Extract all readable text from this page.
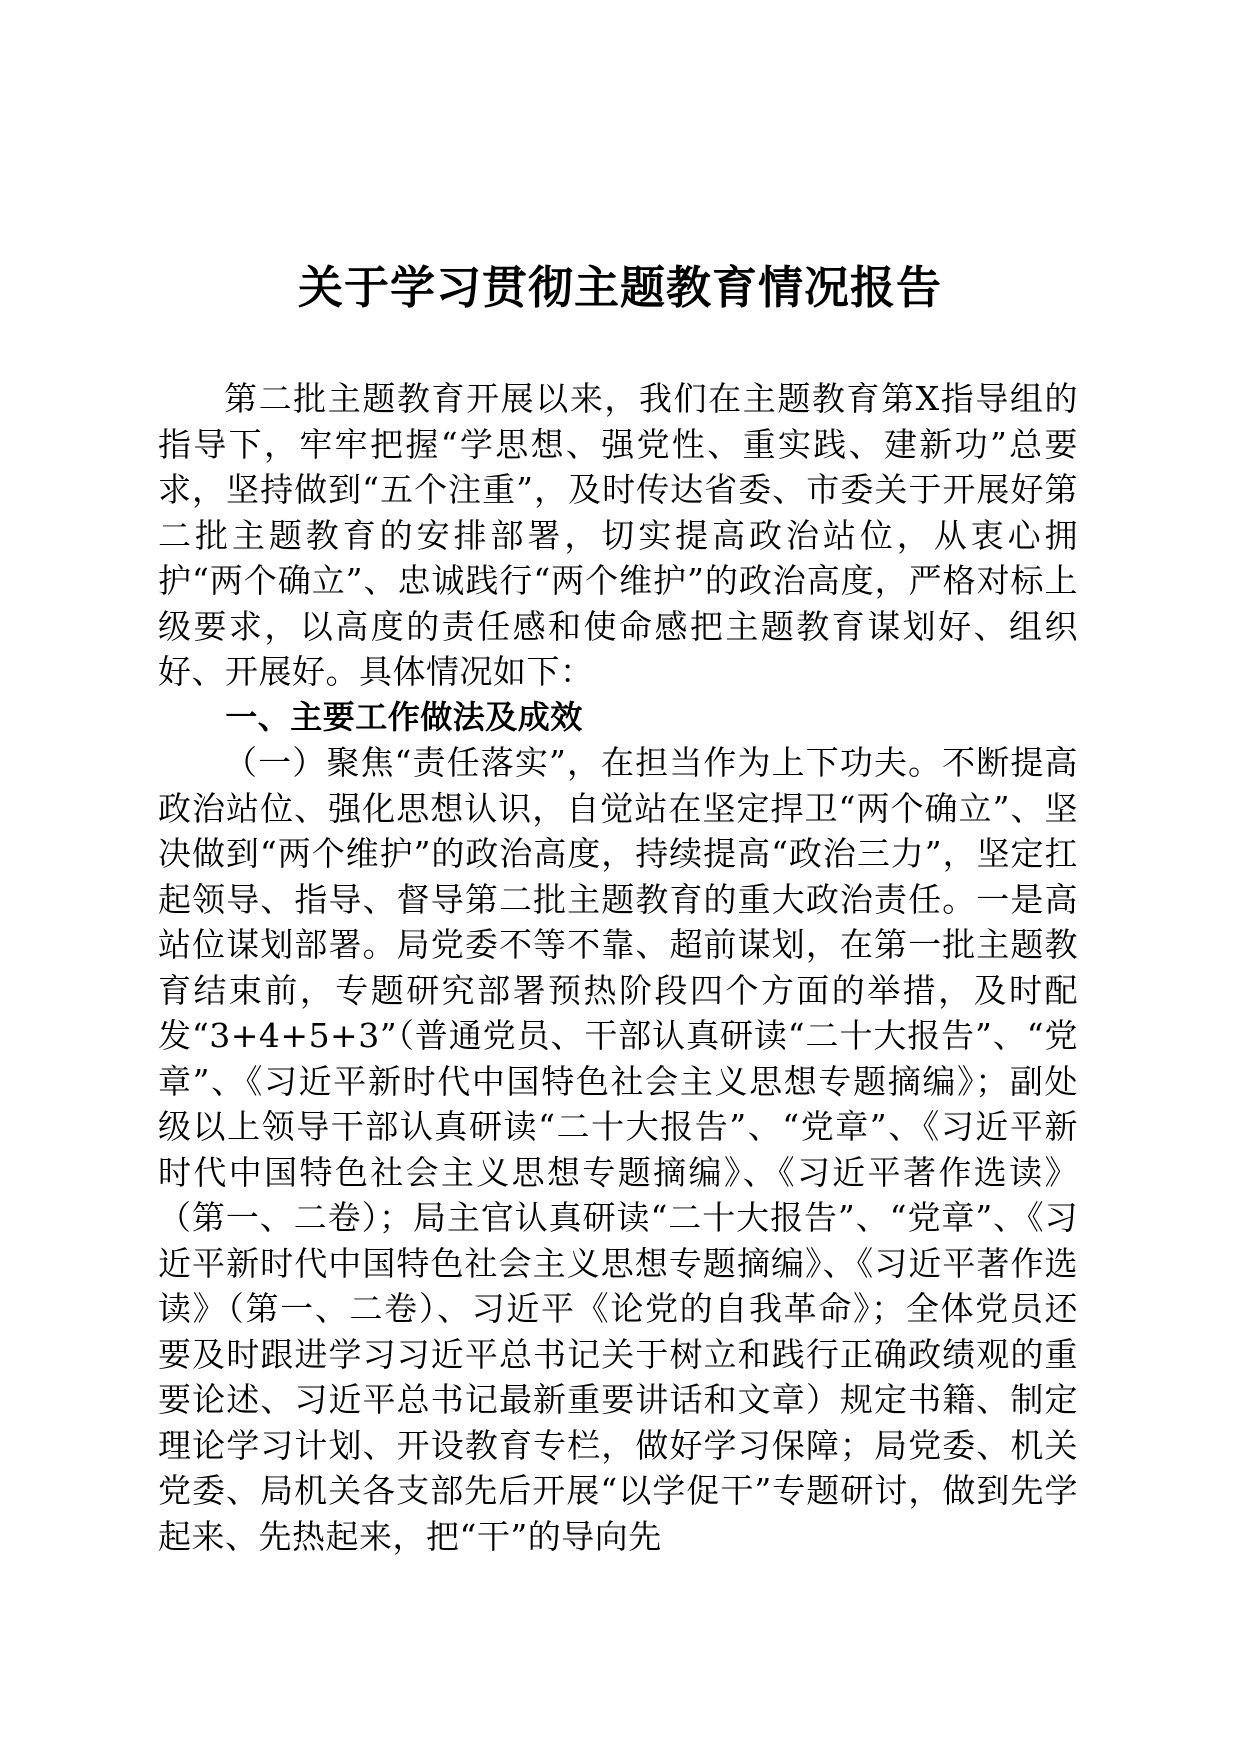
关于学习贯彻主题教育情况报告

第二批主题教育开展以来，我们在主题教育第X指导组的指导下，牢牢把握“学思想、强党性、重实践、建新功”总要求，坚持做到“五个注重”，及时传达省委、市委关于开展好第二批主题教育的安排部署，切实提高政治站位，从衷心拥护“两个确立”、忠诚践行“两个维护”的政治高度，严格对标上级要求，以高度的责任感和使命感把主题教育谋划好、组织好、开展好。具体情况如下：

一、主要工作做法及成效

（一）聚焦“责任落实”，在担当作为上下功夫。不断提高政治站位、强化思想认识，自觉站在坚定捍卫“两个确立”、坚决做到“两个维护”的政治高度，持续提高“政治三力”，坚定扛起领导、指导、督导第二批主题教育的重大政治责任。一是高站位谋划部署。局党委不等不靠、超前谋划，在第一批主题教育结束前，专题研究部署预热阶段四个方面的举措，及时配发“3+4+5+3”（普通党员、干部认真研读“二十大报告”、“党章”、《习近平新时代中国特色社会主义思想专题摘编》；副处级以上领导干部认真研读“二十大报告”、“党章”、《习近平新时代中国特色社会主义思想专题摘编》、《习近平著作选读》（第一、二卷）；局主官认真研读“二十大报告”、“党章”、《习近平新时代中国特色社会主义思想专题摘编》、《习近平著作选读》（第一、二卷）、习近平《论党的自我革命》；全体党员还要及时跟进学习习近平总书记关于树立和践行正确政绩观的重要论述、习近平总书记最新重要讲话和文章）规定书籍、制定理论学习计划、开设教育专栏，做好学习保障；局党委、机关党委、局机关各支部先后开展“以学促干”专题研讨，做到先学起来、先热起来，把“干”的导向先
